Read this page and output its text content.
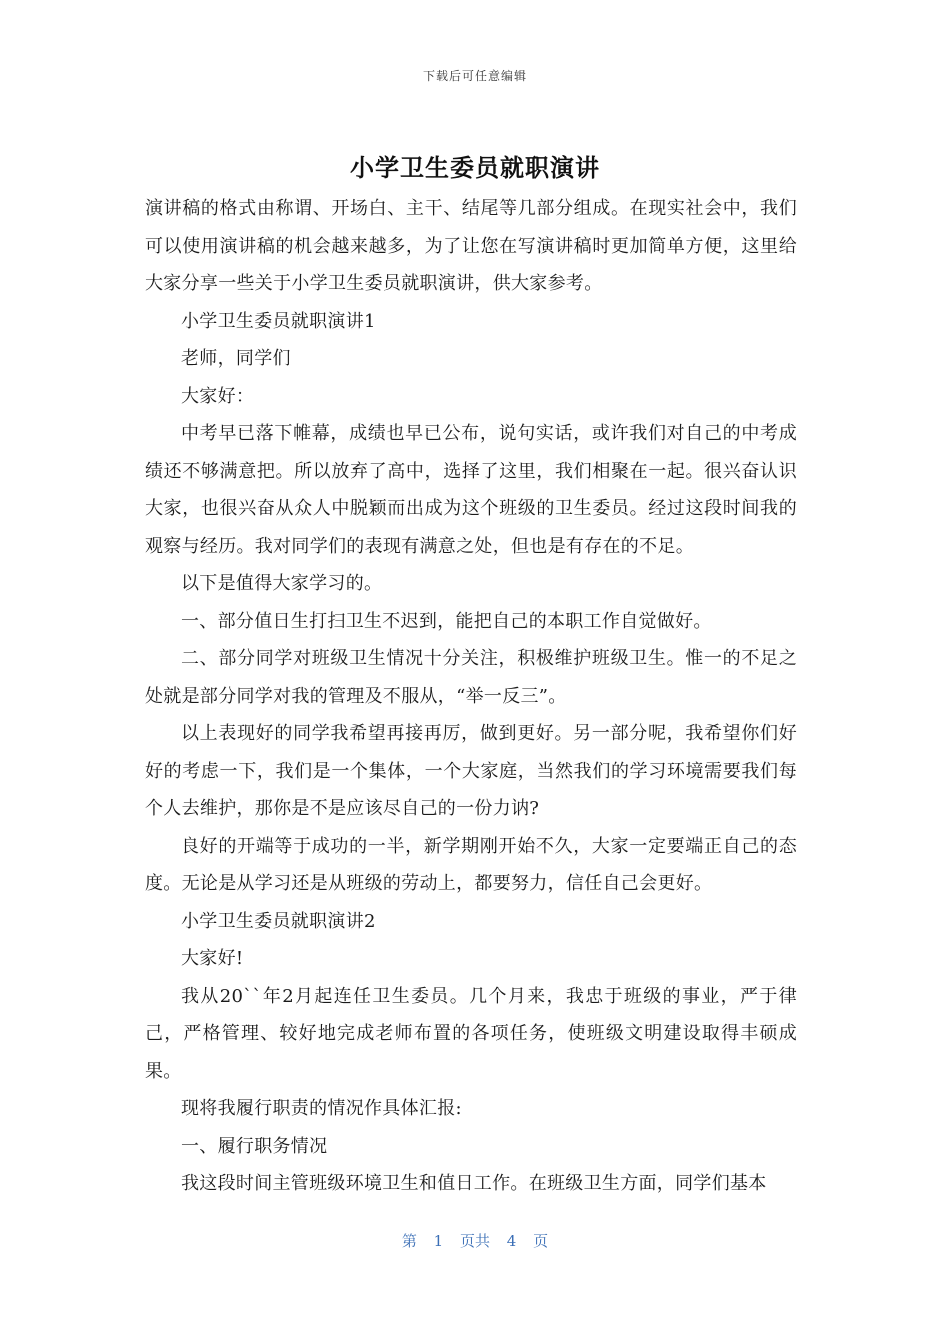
下载后可任意编辑
小学卫生委员就职演讲

演讲稿的格式由称谓、开场白、主干、结尾等几部分组成。在现实社会中，我们可以使用演讲稿的机会越来越多，为了让您在写演讲稿时更加简单方便，这里给大家分享一些关于小学卫生委员就职演讲，供大家参考。

小学卫生委员就职演讲1

老师，同学们

大家好：

中考早已落下帷幕，成绩也早已公布，说句实话，或许我们对自己的中考成绩还不够满意把。所以放弃了高中，选择了这里，我们相聚在一起。很兴奋认识大家，也很兴奋从众人中脱颖而出成为这个班级的卫生委员。经过这段时间我的观察与经历。我对同学们的表现有满意之处，但也是有存在的不足。

以下是值得大家学习的。

一、部分值日生打扫卫生不迟到，能把自己的本职工作自觉做好。

二、部分同学对班级卫生情况十分关注，积极维护班级卫生。惟一的不足之处就是部分同学对我的管理及不服从，“举一反三”。

以上表现好的同学我希望再接再厉，做到更好。另一部分呢，我希望你们好好的考虑一下，我们是一个集体，一个大家庭，当然我们的学习环境需要我们每个人去维护，那你是不是应该尽自己的一份力讷?

良好的开端等于成功的一半，新学期刚开始不久，大家一定要端正自己的态度。无论是从学习还是从班级的劳动上，都要努力，信任自己会更好。

小学卫生委员就职演讲2

大家好!

我从20``年2月起连任卫生委员。几个月来，我忠于班级的事业，严于律己，严格管理、较好地完成老师布置的各项任务，使班级文明建设取得丰硕成果。

现将我履行职责的情况作具体汇报:

一、履行职务情况

我这段时间主管班级环境卫生和值日工作。在班级卫生方面，同学们基本

第 1 页共 4 页
